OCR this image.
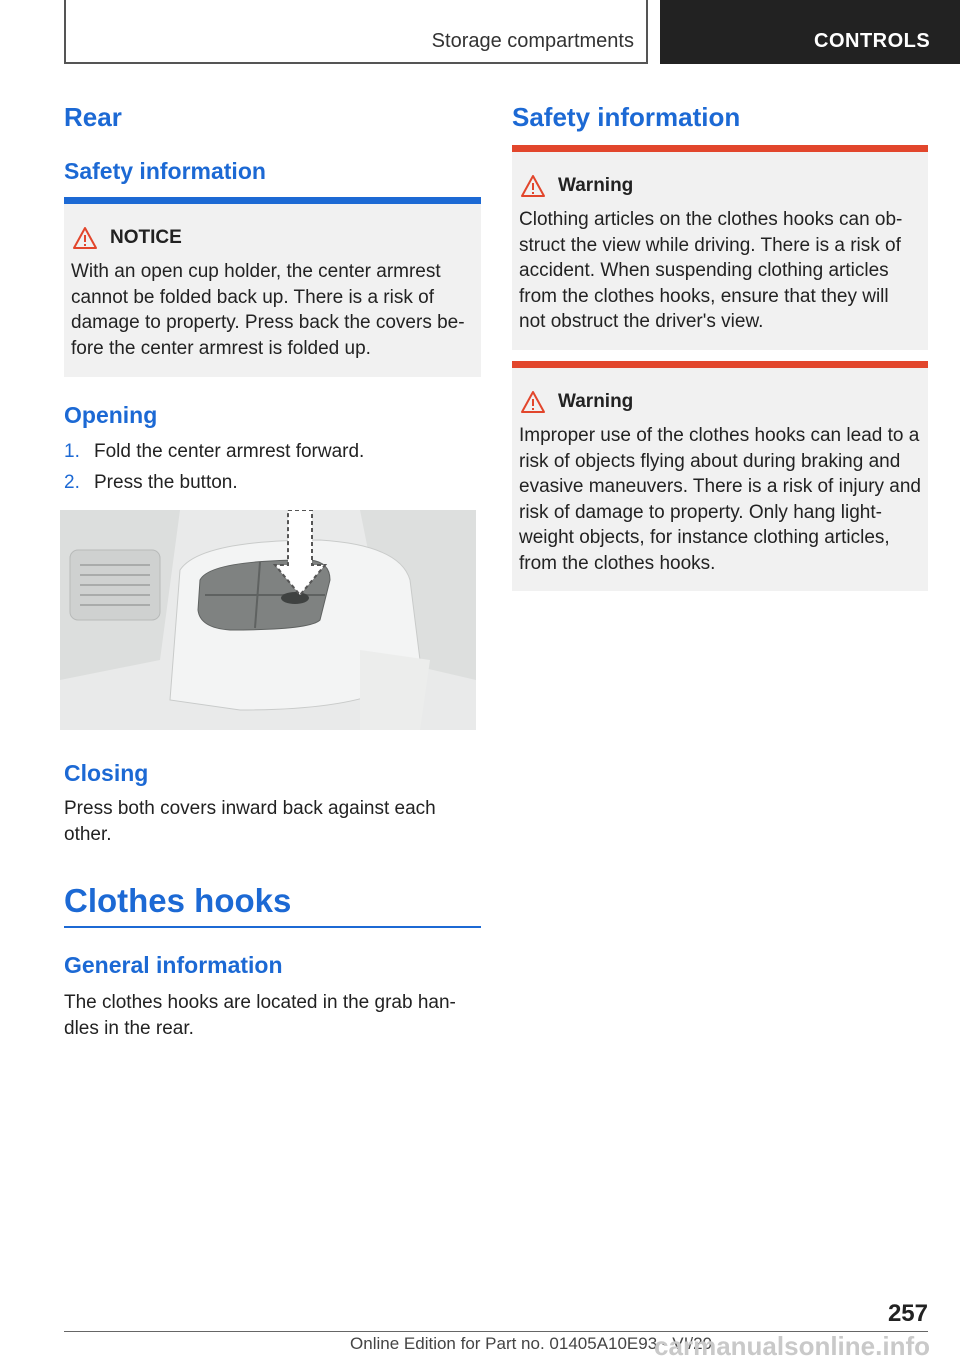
Storage compartments	CONTROLS
Rear
Safety information
NOTICE
With an open cup holder, the center armrest
cannot be folded back up. There is a risk of
damage to property. Press back the covers be-
fore the center armrest is folded up.
Opening
1. Fold the center armrest forward.
2. Press the button.
Closing
Press both covers inward back against each
other.
Clothes hooks
General information
The clothes hooks are located in the grab han-
dles in the rear.
Safety information
Warning
Clothing articles on the clothes hooks can ob-
struct the view while driving. There is a risk of
accident. When suspending clothing articles
from the clothes hooks, ensure that they will
not obstruct the driver's view.
Warning
Improper use of the clothes hooks can lead to a
risk of objects flying about during braking and
evasive maneuvers. There is a risk of injury and
risk of damage to property. Only hang light-
weight objects, for instance clothing articles,
from the clothes hooks.
257
Online Edition for Part no. 01405A10E93 - VI/20
carmanualsonline.info
